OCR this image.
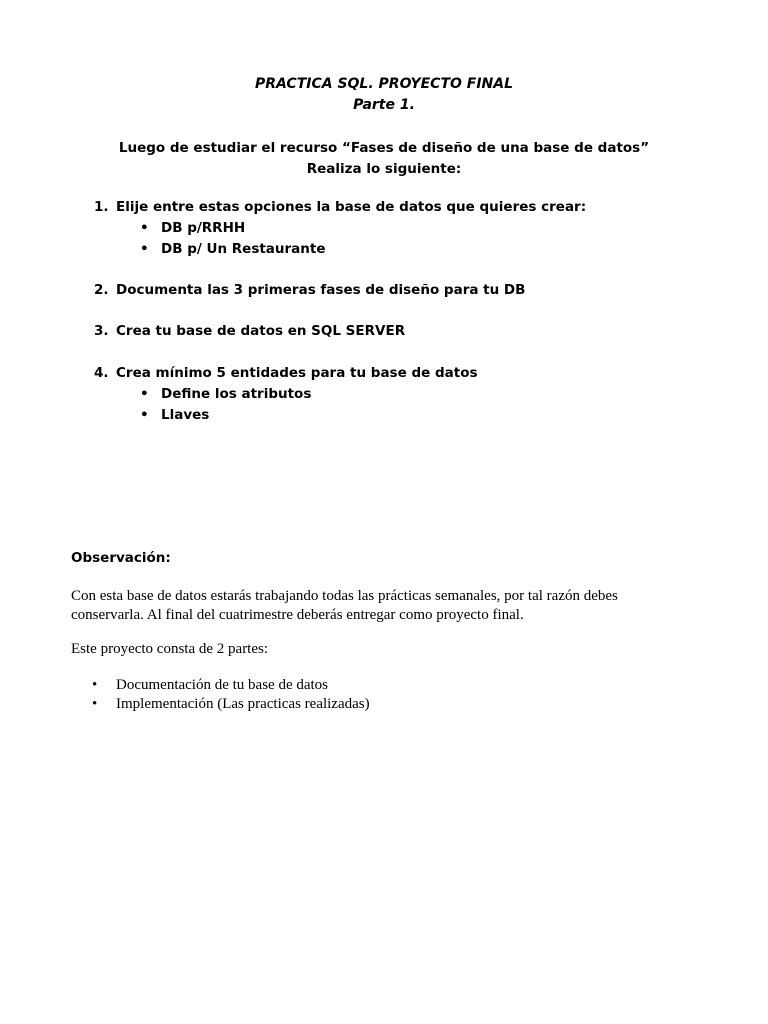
PRACTICA SQL. PROYECTO FINAL
Parte 1.
Luego de estudiar el recurso “Fases de diseño de una base de datos” Realiza lo siguiente:
1. Elije entre estas opciones la base de datos que quieres crear:
• DB p/RRHH
• DB p/ Un Restaurante
2. Documenta las 3 primeras fases de diseño para tu DB
3. Crea tu base de datos en SQL SERVER
4. Crea mínimo 5 entidades para tu base de datos
• Define los atributos
• Llaves
Observación:
Con esta base de datos estarás trabajando todas las prácticas semanales, por tal razón debes conservarla. Al final del cuatrimestre deberás entregar como proyecto final.
Este proyecto consta de 2 partes:
• Documentación de tu base de datos
• Implementación (Las practicas realizadas)
